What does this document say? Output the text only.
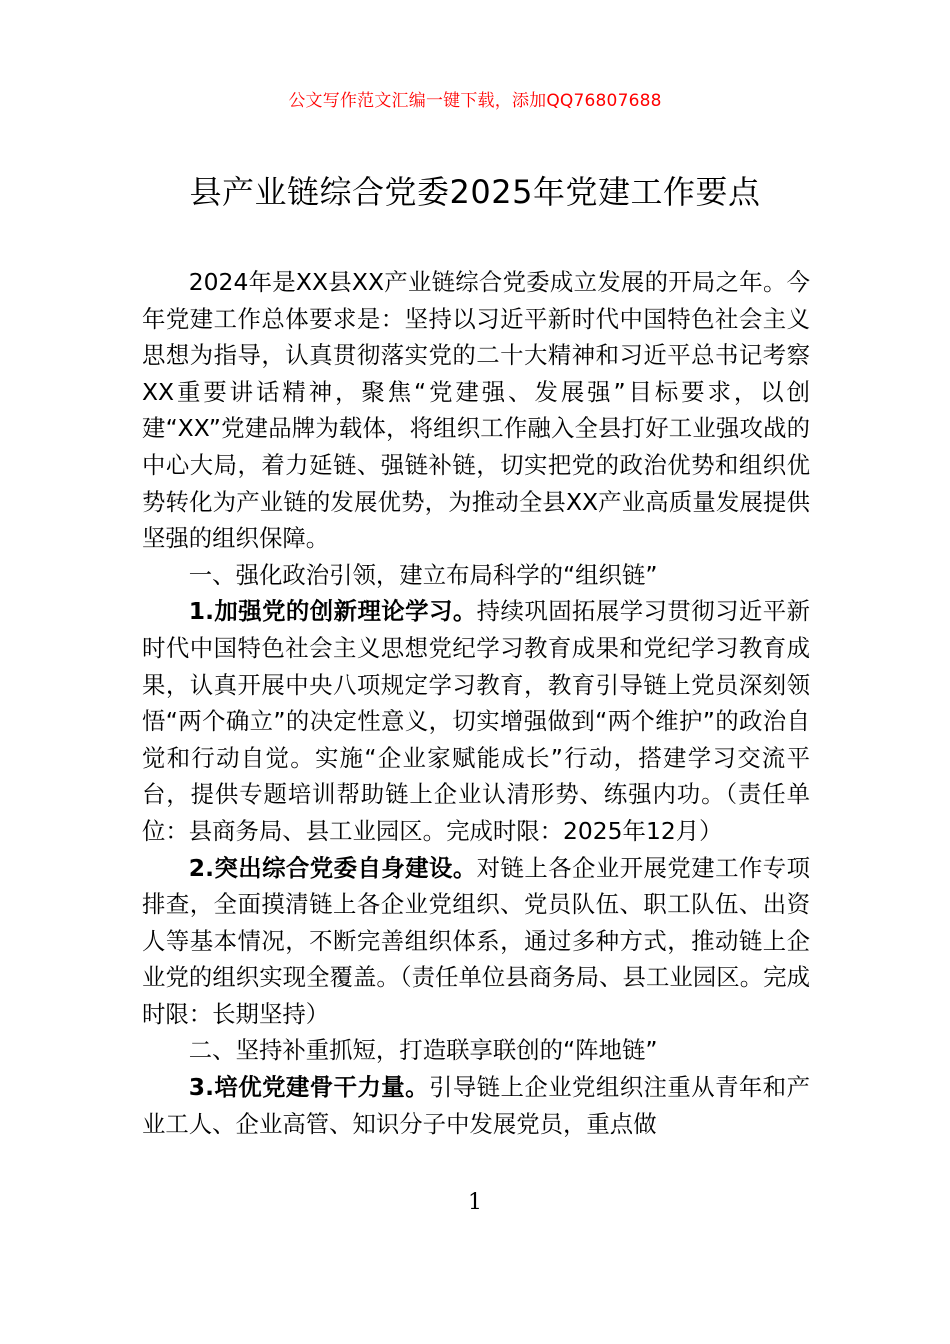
公文写作范文汇编一键下载，添加QQ76807688
县产业链综合党委2025年党建工作要点

2024年是XX县XX产业链综合党委成立发展的开局之年。今年党建工作总体要求是：坚持以习近平新时代中国特色社会主义思想为指导，认真贯彻落实党的二十大精神和习近平总书记考察XX重要讲话精神，聚焦“党建强、发展强”目标要求，以创建“XX”党建品牌为载体，将组织工作融入全县打好工业强攻战的中心大局，着力延链、强链补链，切实把党的政治优势和组织优势转化为产业链的发展优势，为推动全县XX产业高质量发展提供坚强的组织保障。

一、强化政治引领，建立布局科学的“组织链”

1.加强党的创新理论学习。持续巩固拓展学习贯彻习近平新时代中国特色社会主义思想党纪学习教育成果和党纪学习教育成果，认真开展中央八项规定学习教育，教育引导链上党员深刻领悟“两个确立”的决定性意义，切实增强做到“两个维护”的政治自觉和行动自觉。实施“企业家赋能成长”行动，搭建学习交流平台，提供专题培训帮助链上企业认清形势、练强内功。（责任单位：县商务局、县工业园区。完成时限：2025年12月）

2.突出综合党委自身建设。对链上各企业开展党建工作专项排查，全面摸清链上各企业党组织、党员队伍、职工队伍、出资人等基本情况，不断完善组织体系，通过多种方式，推动链上企业党的组织实现全覆盖。（责任单位县商务局、县工业园区。完成时限：长期坚持）

二、坚持补重抓短，打造联享联创的“阵地链”

3.培优党建骨干力量。引导链上企业党组织注重从青年和产业工人、企业高管、知识分子中发展党员，重点做

1
